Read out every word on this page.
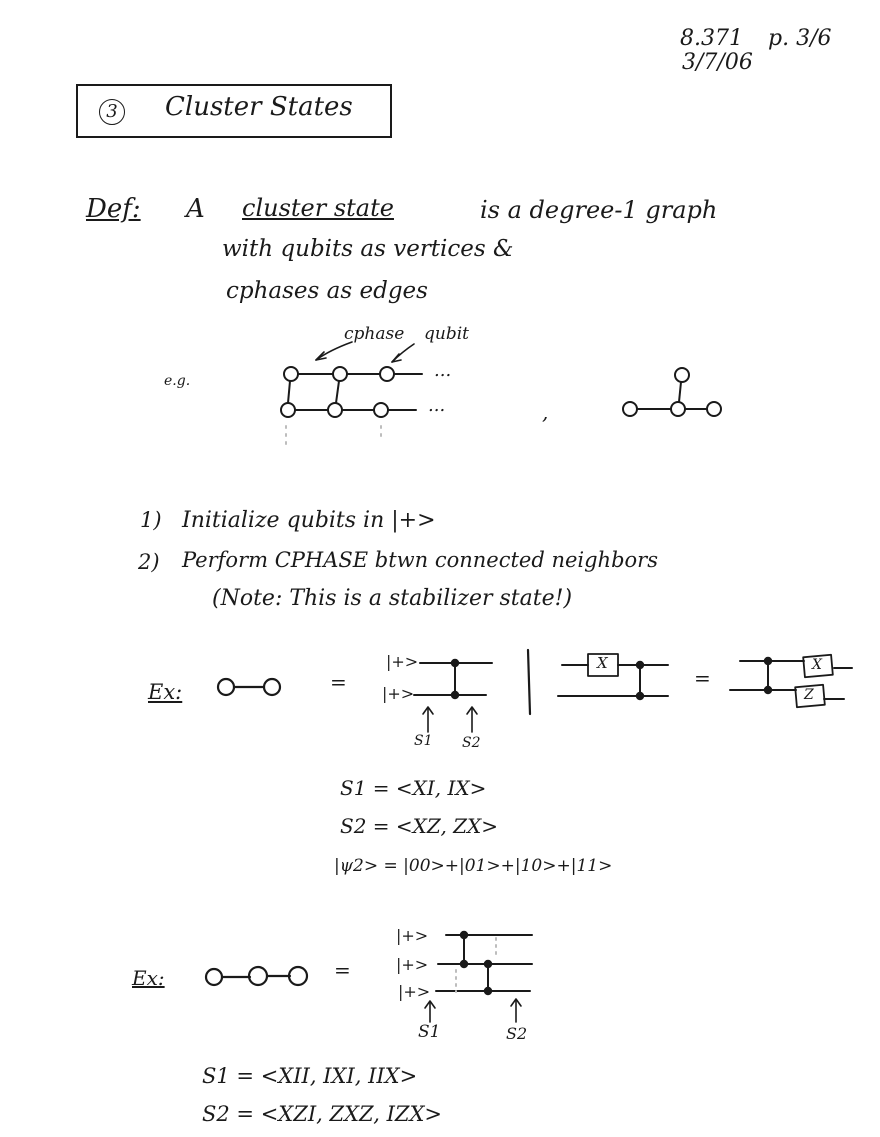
8.371 p. 3/6
3/7/06
3 Cluster States
Def: A cluster state	is a degree-1 graph
with qubits as vertices &
cphases as edges
e.g.
cphase qubit
...
...	,
1) Initialize qubits in |+>
2) Perform CPHASE btwn connected neighbors
(Note: This is a stabilizer state!)
Ex:	=
|+>
|+>
S1 S2
X
=
X
Z
S1 = <XI, IX>
S2 = <XZ, ZX>
|ψ2> = |00>+|01>+|10>+|11>
Ex:	=
|+>
|+>
|+>
S1	S2
S1 = <XII, IXI, IIX>
S2 = <XZI, ZXZ, IZX>
